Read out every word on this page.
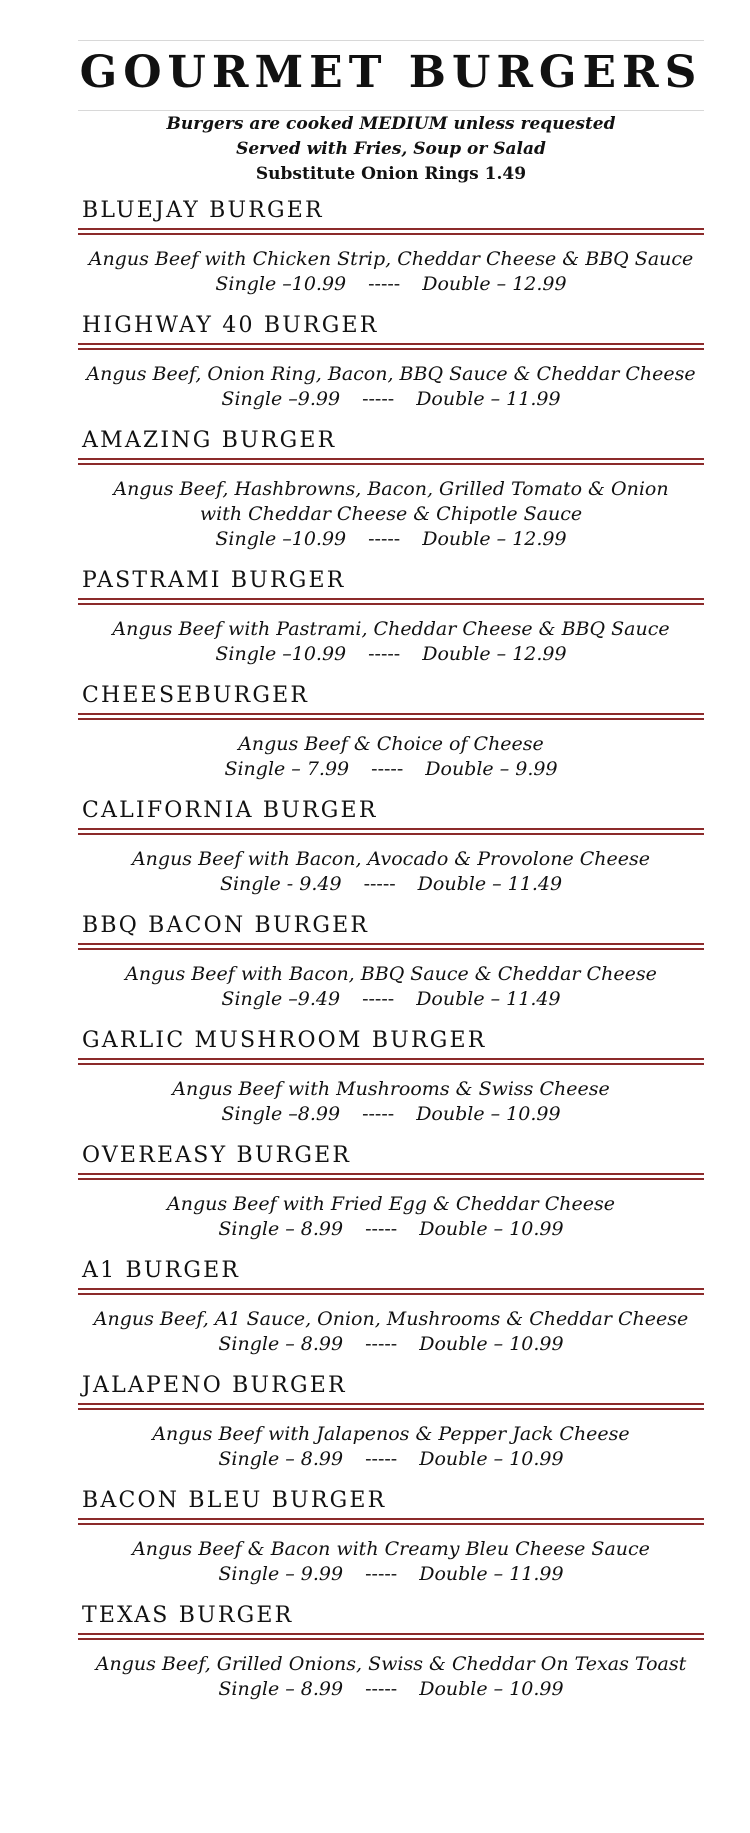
GOURMET BURGERS
Burgers are cooked MEDIUM unless requested
Served with Fries, Soup or Salad
Substitute Onion Rings 1.49
BLUEJAY BURGER
Angus Beef with Chicken Strip, Cheddar Cheese & BBQ Sauce
Single –10.99 ----- Double – 12.99
HIGHWAY 40 BURGER
Angus Beef, Onion Ring, Bacon, BBQ Sauce & Cheddar Cheese
Single –9.99 ----- Double – 11.99
AMAZING BURGER
Angus Beef, Hashbrowns, Bacon, Grilled Tomato & Onion
with Cheddar Cheese & Chipotle Sauce
Single –10.99 ----- Double – 12.99
PASTRAMI BURGER
Angus Beef with Pastrami, Cheddar Cheese & BBQ Sauce
Single –10.99 ----- Double – 12.99
CHEESEBURGER
Angus Beef & Choice of Cheese
Single – 7.99 ----- Double – 9.99
CALIFORNIA BURGER
Angus Beef with Bacon, Avocado & Provolone Cheese
Single - 9.49 ----- Double – 11.49
BBQ BACON BURGER
Angus Beef with Bacon, BBQ Sauce & Cheddar Cheese
Single –9.49 ----- Double – 11.49
GARLIC MUSHROOM BURGER
Angus Beef with Mushrooms & Swiss Cheese
Single –8.99 ----- Double – 10.99
OVEREASY BURGER
Angus Beef with Fried Egg & Cheddar Cheese
Single – 8.99 ----- Double – 10.99
A1 BURGER
Angus Beef, A1 Sauce, Onion, Mushrooms & Cheddar Cheese
Single – 8.99 ----- Double – 10.99
JALAPENO BURGER
Angus Beef with Jalapenos & Pepper Jack Cheese
Single – 8.99 ----- Double – 10.99
BACON BLEU BURGER
Angus Beef & Bacon with Creamy Bleu Cheese Sauce
Single – 9.99 ----- Double – 11.99
TEXAS BURGER
Angus Beef, Grilled Onions, Swiss & Cheddar On Texas Toast
Single – 8.99 ----- Double – 10.99
